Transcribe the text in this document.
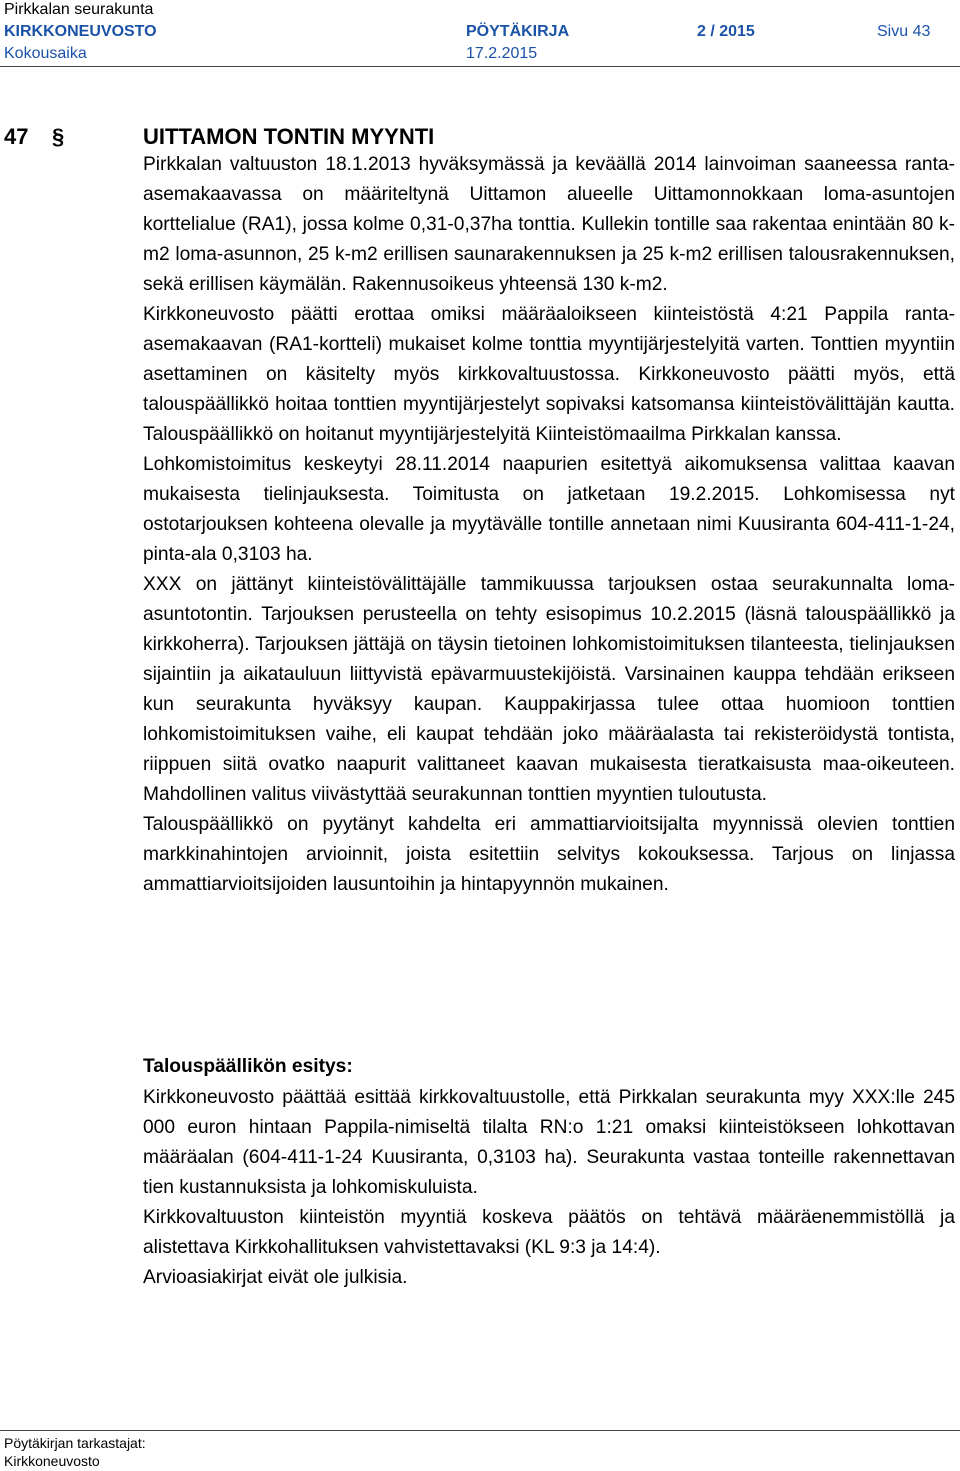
Pirkkalan seurakunta
KIRKKONEUVOSTO	PÖYTÄKIRJA	2 / 2015	Sivu 43
Kokousaika	17.2.2015
47 §	UITTAMON TONTIN MYYNTI

Pirkkalan valtuuston 18.1.2013 hyväksymässä ja keväällä 2014 lainvoiman saaneessa ranta-asemakaavassa on määriteltynä Uittamon alueelle Uittamonnokkaan loma-asuntojen korttelialue (RA1), jossa kolme 0,31-0,37ha tonttia. Kullekin tontille saa rakentaa enintään 80 k-m2 loma-asunnon, 25 k-m2 erillisen saunarakennuksen ja 25 k-m2 erillisen talousrakennuksen, sekä erillisen käymälän. Rakennusoikeus yhteensä 130 k-m2.

Kirkkoneuvosto päätti erottaa omiksi määräaloikseen kiinteistöstä 4:21 Pappila ranta-asemakaavan (RA1-kortteli) mukaiset kolme tonttia myyntijärjestelyitä varten. Tonttien myyntiin asettaminen on käsitelty myös kirkkovaltuustossa. Kirkkoneuvosto päätti myös, että talouspäällikkö hoitaa tonttien myyntijärjestelyt sopivaksi katsomansa kiinteistövälittäjän kautta. Talouspäällikkö on hoitanut myyntijärjestelyitä Kiinteistömaailma Pirkkalan kanssa.

Lohkomistoimitus keskeytyi 28.11.2014 naapurien esitettyä aikomuksensa valittaa kaavan mukaisesta tielinjauksesta. Toimitusta on jatketaan 19.2.2015. Lohkomisessa nyt ostotarjouksen kohteena olevalle ja myytävälle tontille annetaan nimi Kuusiranta 604-411-1-24, pinta-ala 0,3103 ha.

XXX on jättänyt kiinteistövälittäjälle tammikuussa tarjouksen ostaa seurakunnalta loma-asuntotontin. Tarjouksen perusteella on tehty esisopimus 10.2.2015 (läsnä talouspäällikkö ja kirkkoherra). Tarjouksen jättäjä on täysin tietoinen lohkomistoimituksen tilanteesta, tielinjauksen sijaintiin ja aikatauluun liittyvistä epävarmuustekijöistä. Varsinainen kauppa tehdään erikseen kun seurakunta hyväksyy kaupan. Kauppakirjassa tulee ottaa huomioon tonttien lohkomistoimituksen vaihe, eli kaupat tehdään joko määräalasta tai rekisteröidystä tontista, riippuen siitä ovatko naapurit valittaneet kaavan mukaisesta tieratkaisusta maa-oikeuteen. Mahdollinen valitus viivästyttää seurakunnan tonttien myyntien tuloutusta.

Talouspäällikkö on pyytänyt kahdelta eri ammattiarvioitsijalta myynnissä olevien tonttien markkinahintojen arvioinnit, joista esitettiin selvitys kokouksessa. Tarjous on linjassa ammattiarvioitsijoiden lausuntoihin ja hintapyynnön mukainen.

Talouspäällikön esitys:

Kirkkoneuvosto päättää esittää kirkkovaltuustolle, että Pirkkalan seurakunta myy XXX:lle 245 000 euron hintaan Pappila-nimiseltä tilalta RN:o 1:21 omaksi kiinteistökseen lohkottavan määräalan (604-411-1-24 Kuusiranta, 0,3103 ha). Seurakunta vastaa tonteille rakennettavan tien kustannuksista ja lohkomiskuluista.

Kirkkovaltuuston kiinteistön myyntiä koskeva päätös on tehtävä määräenemmistöllä ja alistettava Kirkkohallituksen vahvistettavaksi (KL 9:3 ja 14:4).

Arvioasiakirjat eivät ole julkisia.

Pöytäkirjan tarkastajat:
Kirkkoneuvosto
